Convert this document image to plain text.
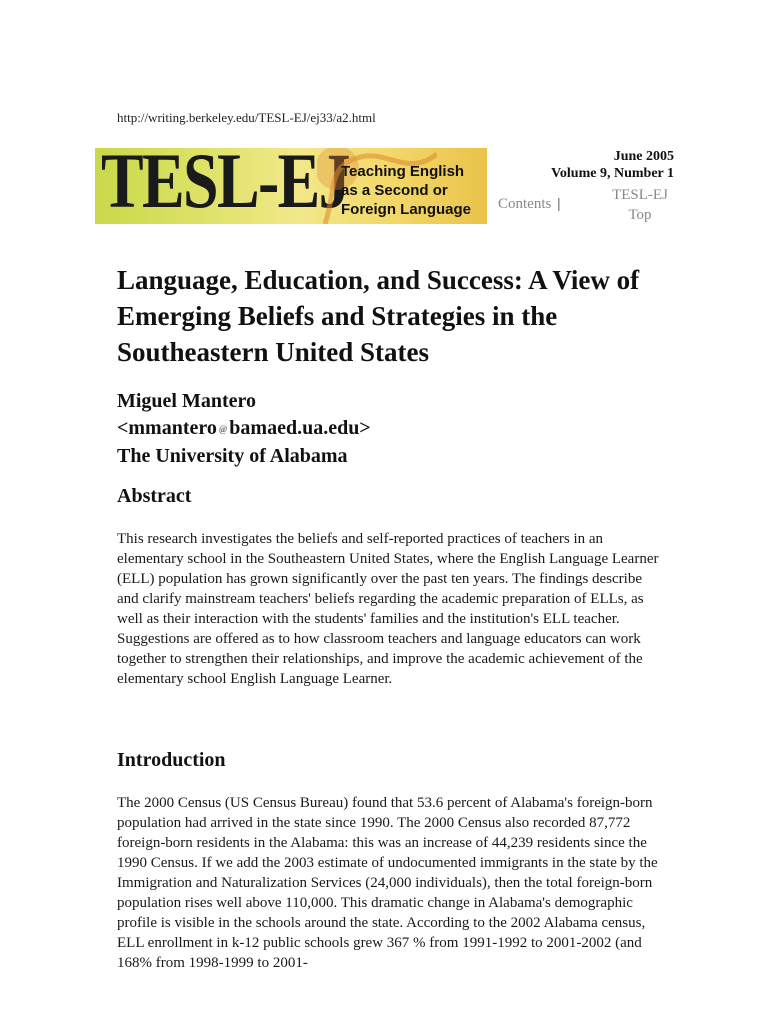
http://writing.berkeley.edu/TESL-EJ/ej33/a2.html
TESL-EJ
Teaching English
as a Second or
Foreign Language
June 2005
Volume 9, Number 1
Contents |
TESL-EJ
Top
Language, Education, and Success: A View of Emerging Beliefs and Strategies in the Southeastern United States
Miguel Mantero
<mmantero @ bamaed.ua.edu>
The University of Alabama
Abstract

This research investigates the beliefs and self-reported practices of teachers in an elementary school in the Southeastern United States, where the English Language Learner (ELL) population has grown significantly over the past ten years. The findings describe and clarify mainstream teachers' beliefs regarding the academic preparation of ELLs, as well as their interaction with the students' families and the institution's ELL teacher. Suggestions are offered as to how classroom teachers and language educators can work together to strengthen their relationships, and improve the academic achievement of the elementary school English Language Learner.

Introduction

The 2000 Census (US Census Bureau) found that 53.6 percent of Alabama's foreign-born population had arrived in the state since 1990. The 2000 Census also recorded 87,772 foreign-born residents in the Alabama: this was an increase of 44,239 residents since the 1990 Census. If we add the 2003 estimate of undocumented immigrants in the state by the Immigration and Naturalization Services (24,000 individuals), then the total foreign-born population rises well above 110,000. This dramatic change in Alabama's demographic profile is visible in the schools around the state. According to the 2002 Alabama census, ELL enrollment in k-12 public schools grew 367 % from 1991-1992 to 2001-2002 (and 168% from 1998-1999 to 2001-
